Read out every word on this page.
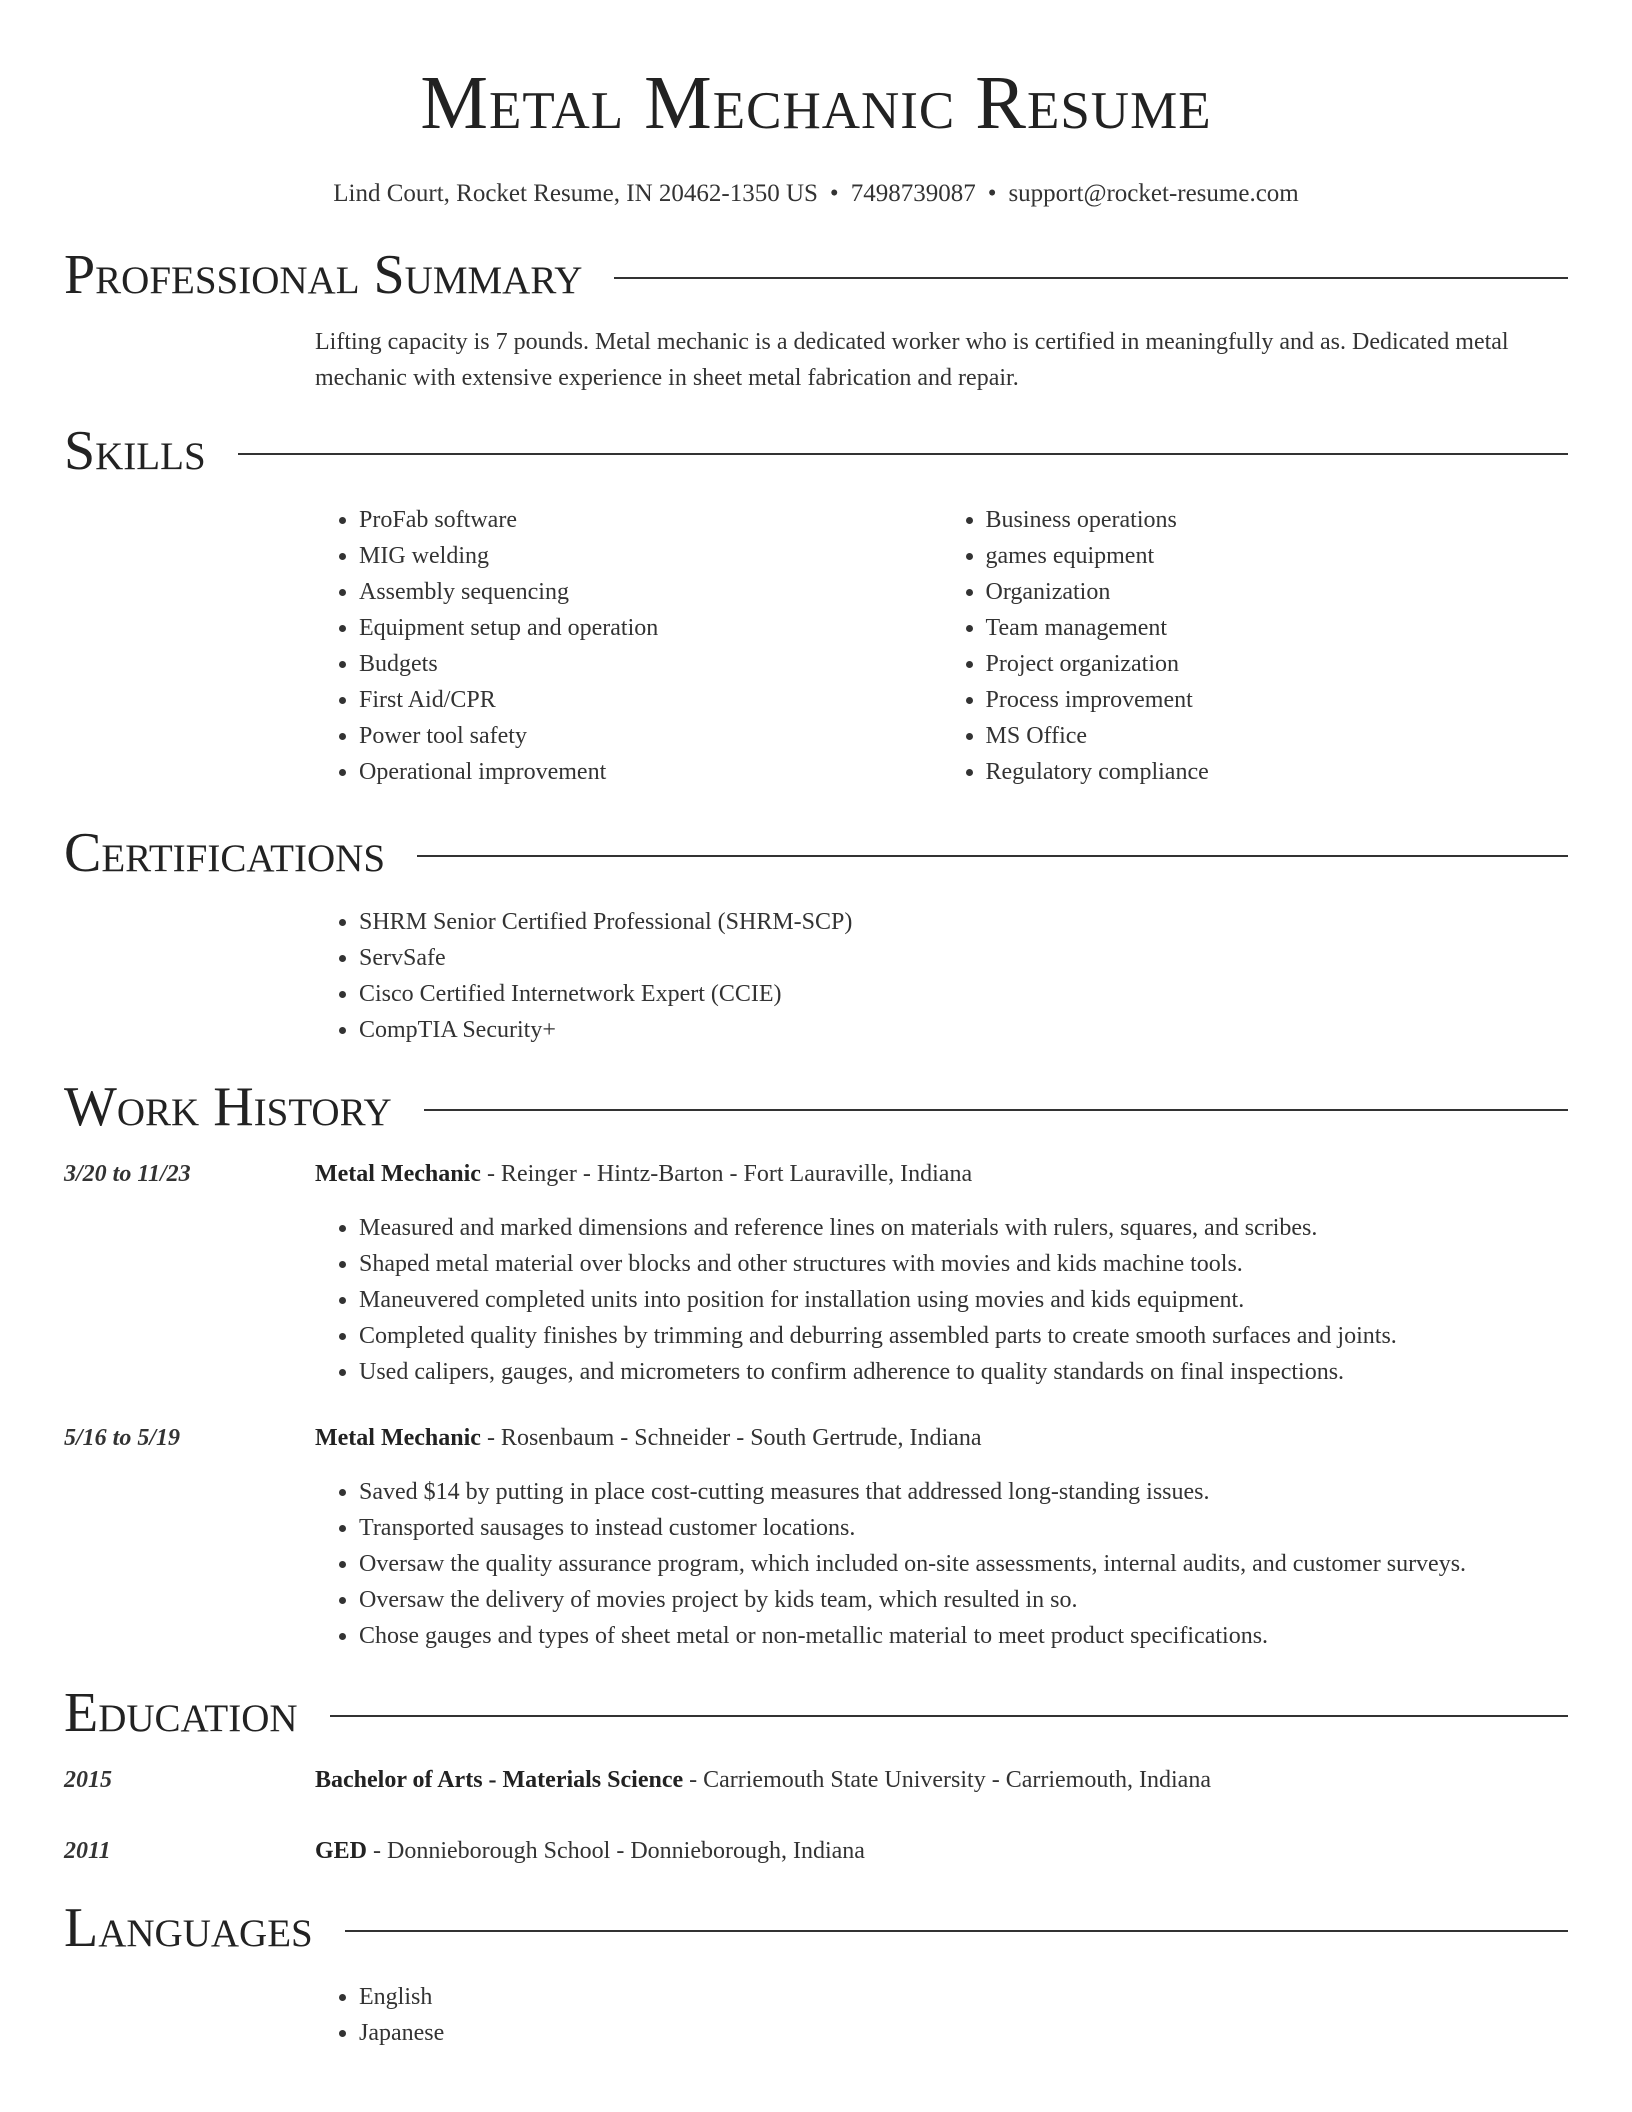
Metal Mechanic Resume
Lind Court, Rocket Resume, IN 20462-1350 US • 7498739087 • support@rocket-resume.com
Professional Summary
Lifting capacity is 7 pounds. Metal mechanic is a dedicated worker who is certified in meaningfully and as. Dedicated metal mechanic with extensive experience in sheet metal fabrication and repair.
Skills
• ProFab software
• MIG welding
• Assembly sequencing
• Equipment setup and operation
• Budgets
• First Aid/CPR
• Power tool safety
• Operational improvement
• Business operations
• games equipment
• Organization
• Team management
• Project organization
• Process improvement
• MS Office
• Regulatory compliance
Certifications
• SHRM Senior Certified Professional (SHRM-SCP)
• ServSafe
• Cisco Certified Internetwork Expert (CCIE)
• CompTIA Security+
Work History
3/20 to 11/23	Metal Mechanic - Reinger - Hintz-Barton - Fort Lauraville, Indiana
• Measured and marked dimensions and reference lines on materials with rulers, squares, and scribes.
• Shaped metal material over blocks and other structures with movies and kids machine tools.
• Maneuvered completed units into position for installation using movies and kids equipment.
• Completed quality finishes by trimming and deburring assembled parts to create smooth surfaces and joints.
• Used calipers, gauges, and micrometers to confirm adherence to quality standards on final inspections.
5/16 to 5/19	Metal Mechanic - Rosenbaum - Schneider - South Gertrude, Indiana
• Saved $14 by putting in place cost-cutting measures that addressed long-standing issues.
• Transported sausages to instead customer locations.
• Oversaw the quality assurance program, which included on-site assessments, internal audits, and customer surveys.
• Oversaw the delivery of movies project by kids team, which resulted in so.
• Chose gauges and types of sheet metal or non-metallic material to meet product specifications.
Education
2015	Bachelor of Arts - Materials Science - Carriemouth State University - Carriemouth, Indiana
2011	GED - Donnieborough School - Donnieborough, Indiana
Languages
• English
• Japanese
